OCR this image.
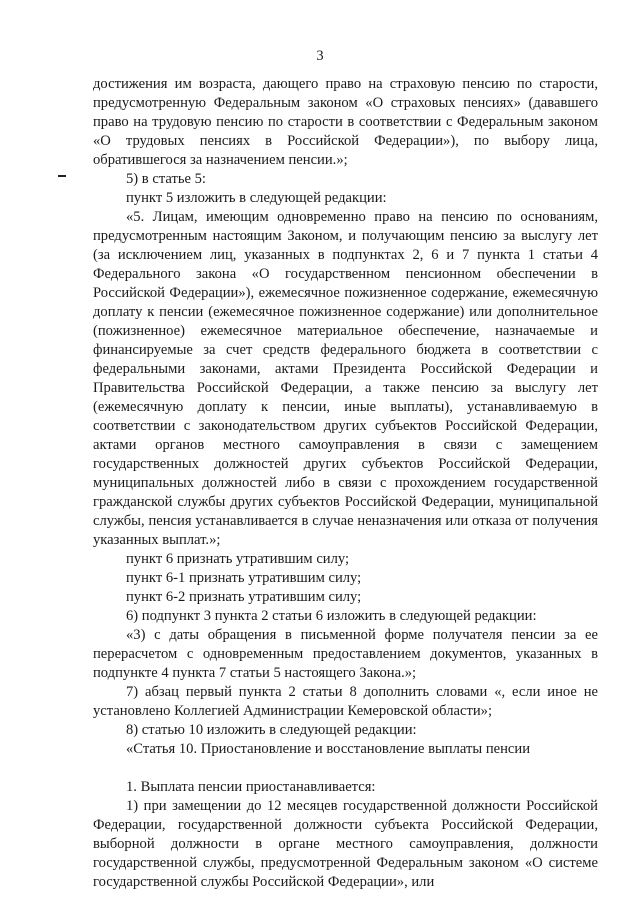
3

достижения им возраста, дающего право на страховую пенсию по старости, предусмотренную Федеральным законом «О страховых пенсиях» (дававшего право на трудовую пенсию по старости в соответствии с Федеральным законом «О трудовых пенсиях в Российской Федерации»), по выбору лица, обратившегося за назначением пенсии.»;

5) в статье 5:

пункт 5 изложить в следующей редакции:

«5. Лицам, имеющим одновременно право на пенсию по основаниям, предусмотренным настоящим Законом, и получающим пенсию за выслугу лет (за исключением лиц, указанных в подпунктах 2, 6 и 7 пункта 1 статьи 4 Федерального закона «О государственном пенсионном обеспечении в Российской Федерации»), ежемесячное пожизненное содержание, ежемесячную доплату к пенсии (ежемесячное пожизненное содержание) или дополнительное (пожизненное) ежемесячное материальное обеспечение, назначаемые и финансируемые за счет средств федерального бюджета в соответствии с федеральными законами, актами Президента Российской Федерации и Правительства Российской Федерации, а также пенсию за выслугу лет (ежемесячную доплату к пенсии, иные выплаты), устанавливаемую в соответствии с законодательством других субъектов Российской Федерации, актами органов местного самоуправления в связи с замещением государственных должностей других субъектов Российской Федерации, муниципальных должностей либо в связи с прохождением государственной гражданской службы других субъектов Российской Федерации, муниципальной службы, пенсия устанавливается в случае неназначения или отказа от получения указанных выплат.»;

пункт 6 признать утратившим силу;

пункт 6-1 признать утратившим силу;

пункт 6-2 признать утратившим силу;

6) подпункт 3 пункта 2 статьи 6 изложить в следующей редакции:

«3) с даты обращения в письменной форме получателя пенсии за ее перерасчетом с одновременным предоставлением документов, указанных в подпункте 4 пункта 7 статьи 5 настоящего Закона.»;

7) абзац первый пункта 2 статьи 8 дополнить словами «, если иное не установлено Коллегией Администрации Кемеровской области»;

8) статью 10 изложить в следующей редакции:

«Статья 10. Приостановление и восстановление выплаты пенсии

1. Выплата пенсии приостанавливается:

1) при замещении до 12 месяцев государственной должности Российской Федерации, государственной должности субъекта Российской Федерации, выборной должности в органе местного самоуправления, должности государственной службы, предусмотренной Федеральным законом «О системе государственной службы Российской Федерации», или
